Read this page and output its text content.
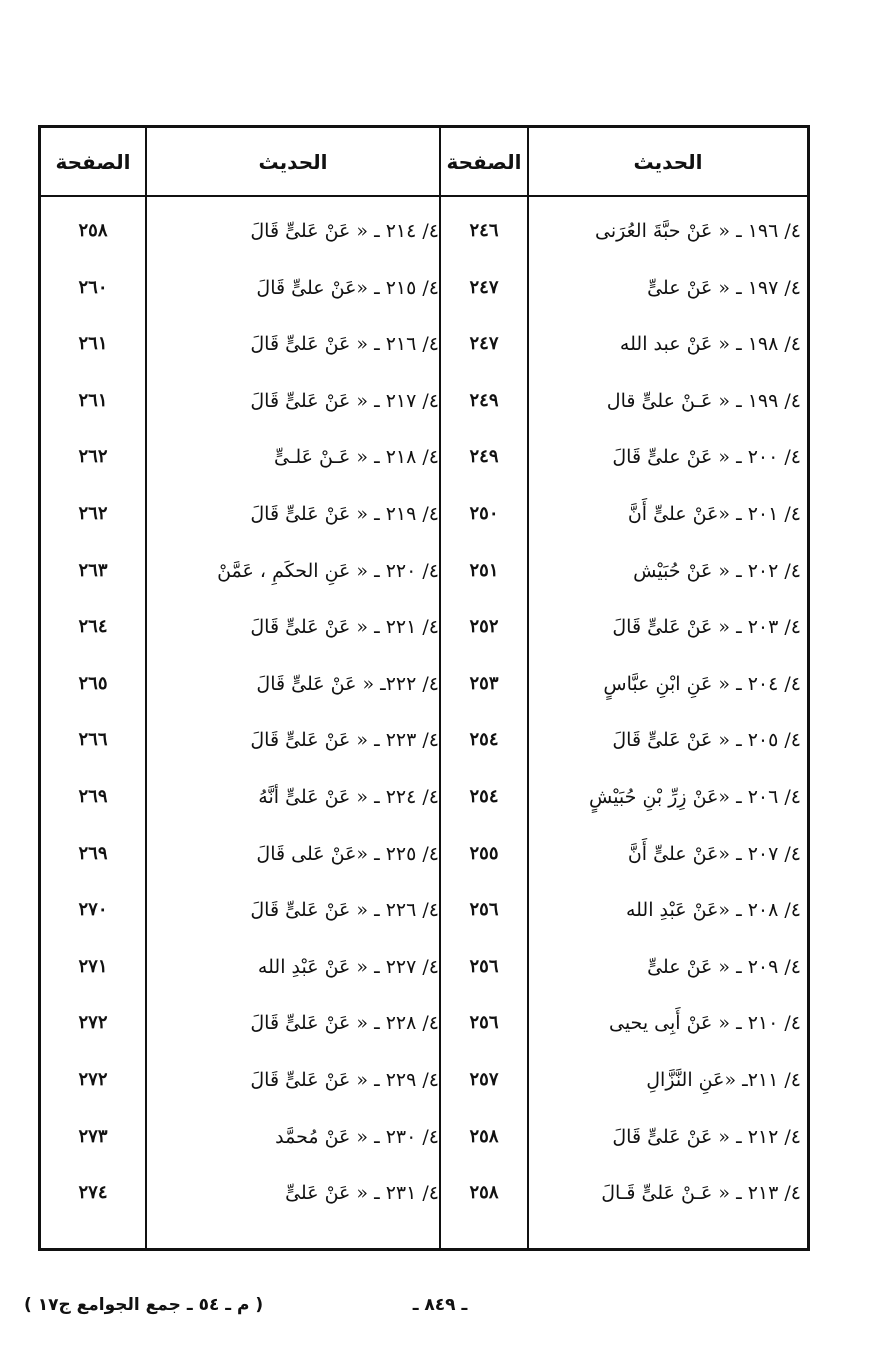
الحديث
الصفحة
الحديث
الصفحة
٤/ ١٩٦ ـ « عَنْ حبَّةَ العُرَنى
٢٤٦
٤/ ٢١٤ ـ « عَنْ عَلىٍّ قَالَ
٢٥٨
٤/ ١٩٧ ـ « عَنْ علىٍّ
٢٤٧
٤/ ٢١٥ ـ «عَنْ علىٍّ قَالَ
٢٦٠
٤/ ١٩٨ ـ « عَنْ عبد الله
٢٤٧
٤/ ٢١٦ ـ « عَنْ عَلىٍّ قَالَ
٢٦١
٤/ ١٩٩ ـ « عَـنْ علىٍّ قال
٢٤٩
٤/ ٢١٧ ـ « عَنْ عَلىٍّ قَالَ
٢٦١
٤/ ٢٠٠ ـ « عَنْ علىٍّ قَالَ
٢٤٩
٤/ ٢١٨ ـ « عَـنْ عَلـىٍّ
٢٦٢
٤/ ٢٠١ ـ «عَنْ علىٍّ أَنَّ
٢٥٠
٤/ ٢١٩ ـ « عَنْ عَلىٍّ قَالَ
٢٦٢
٤/ ٢٠٢ ـ « عَنْ حُبَيْش
٢٥١
٤/ ٢٢٠ ـ « عَنِ الحكَمِ ، عَمَّنْ
٢٦٣
٤/ ٢٠٣ ـ « عَنْ عَلىٍّ قَالَ
٢٥٢
٤/ ٢٢١ ـ « عَنْ عَلىٍّ قَالَ
٢٦٤
٤/ ٢٠٤ ـ « عَنِ ابْنِ عبَّاسٍ
٢٥٣
٤/ ٢٢٢ـ « عَنْ عَلىٍّ قَالَ
٢٦٥
٤/ ٢٠٥ ـ « عَنْ عَلىٍّ قَالَ
٢٥٤
٤/ ٢٢٣ ـ « عَنْ عَلىٍّ قَالَ
٢٦٦
٤/ ٢٠٦ ـ «عَنْ زِرِّ بْنِ حُبَيْشٍ
٢٥٤
٤/ ٢٢٤ ـ « عَنْ عَلىٍّ أنَّهُ
٢٦٩
٤/ ٢٠٧ ـ «عَنْ علىٍّ أَنَّ
٢٥٥
٤/ ٢٢٥ ـ «عَنْ عَلى قَالَ
٢٦٩
٤/ ٢٠٨ ـ «عَنْ عَبْدِ الله
٢٥٦
٤/ ٢٢٦ ـ « عَنْ عَلىٍّ قَالَ
٢٧٠
٤/ ٢٠٩ ـ « عَنْ علىٍّ
٢٥٦
٤/ ٢٢٧ ـ « عَنْ عَبْدِ الله
٢٧١
٤/ ٢١٠ ـ « عَنْ أَبِى يحيى
٢٥٦
٤/ ٢٢٨ ـ « عَنْ عَلىٍّ قَالَ
٢٧٢
٤/ ٢١١ـ «عَنِ النَّزَّالِ
٢٥٧
٤/ ٢٢٩ ـ « عَنْ عَلىٍّ قَالَ
٢٧٢
٤/ ٢١٢ ـ « عَنْ عَلىٍّ قَالَ
٢٥٨
٤/ ٢٣٠ ـ « عَنْ مُحمَّد
٢٧٣
٤/ ٢١٣ ـ « عَـنْ عَلىٍّ قَـالَ
٢٥٨
٤/ ٢٣١ ـ « عَنْ عَلىٍّ
٢٧٤
( م ـ ٥٤ ـ جمع الجوامع ج١٧ )	ـ ٨٤٩ ـ
